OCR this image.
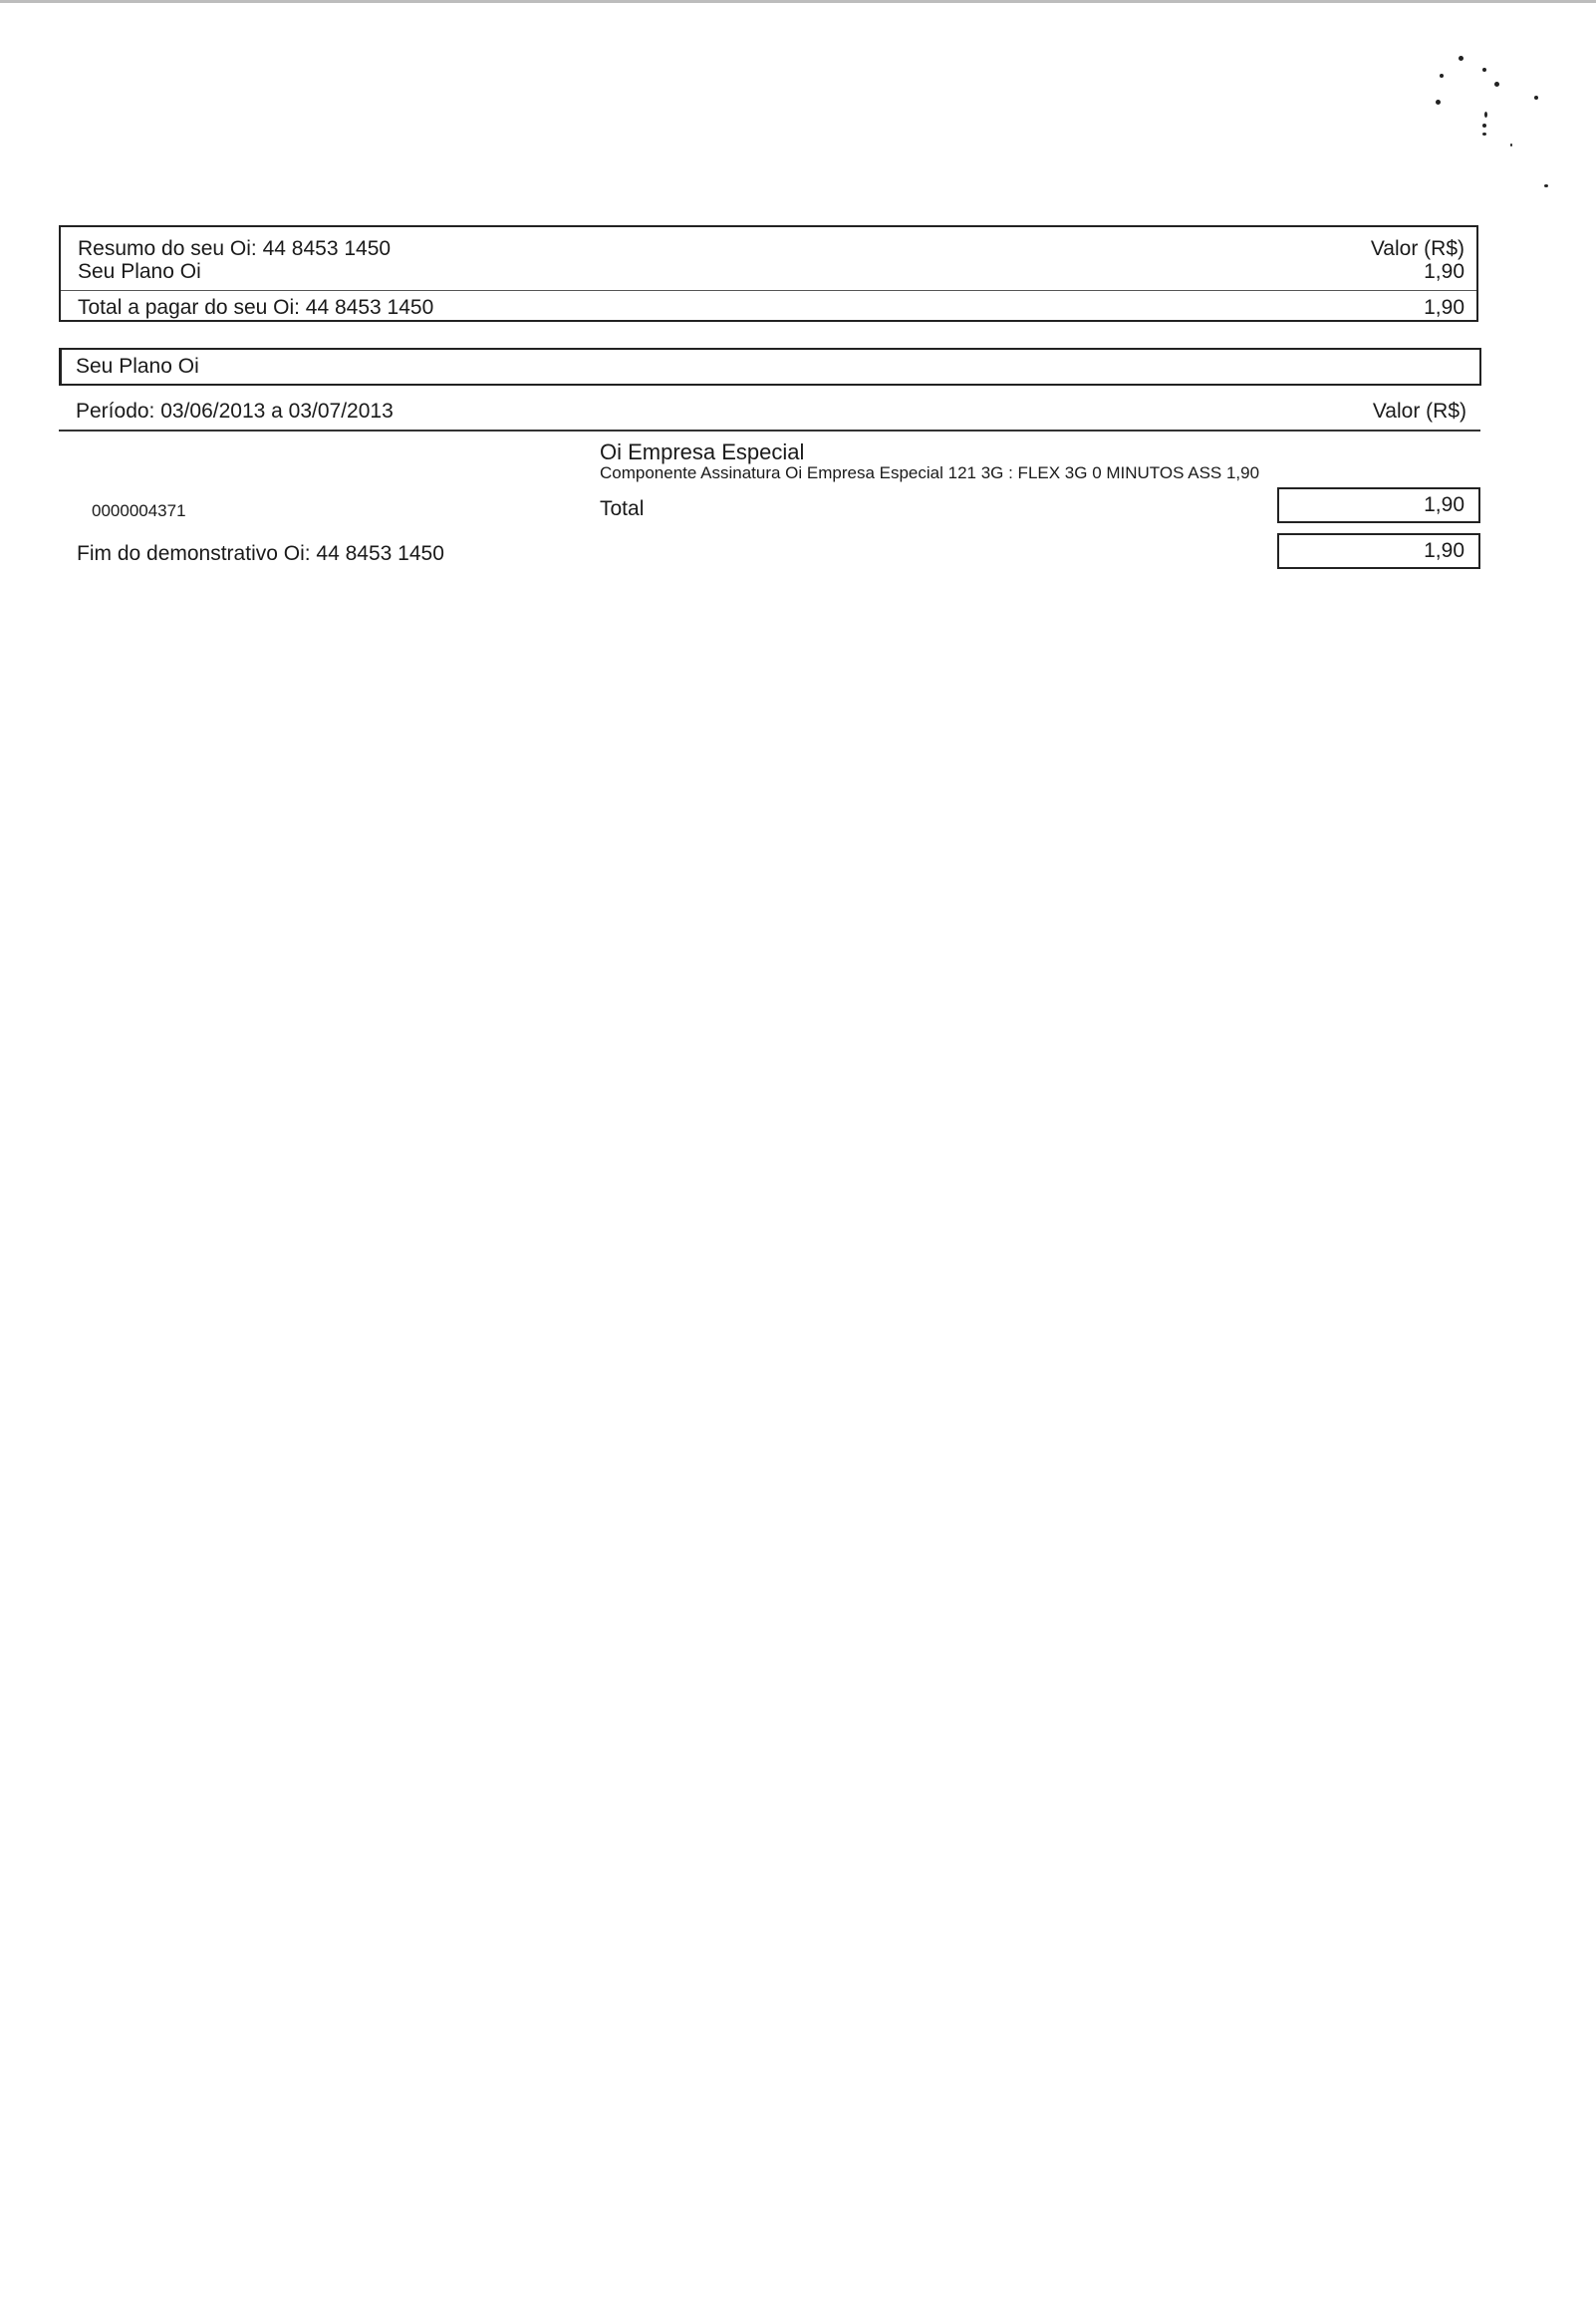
Resumo do seu Oi: 44 8453 1450	Valor (R$)
Seu Plano Oi	1,90
Total a pagar do seu Oi: 44 8453 1450	1,90
Seu Plano Oi
Período: 03/06/2013 a 03/07/2013	Valor (R$)
Oi Empresa Especial
Componente Assinatura Oi Empresa Especial 121 3G : FLEX 3G 0 MINUTOS ASS 1,90
0000004371	Total	1,90
Fim do demonstrativo Oi: 44 8453 1450	1,90
